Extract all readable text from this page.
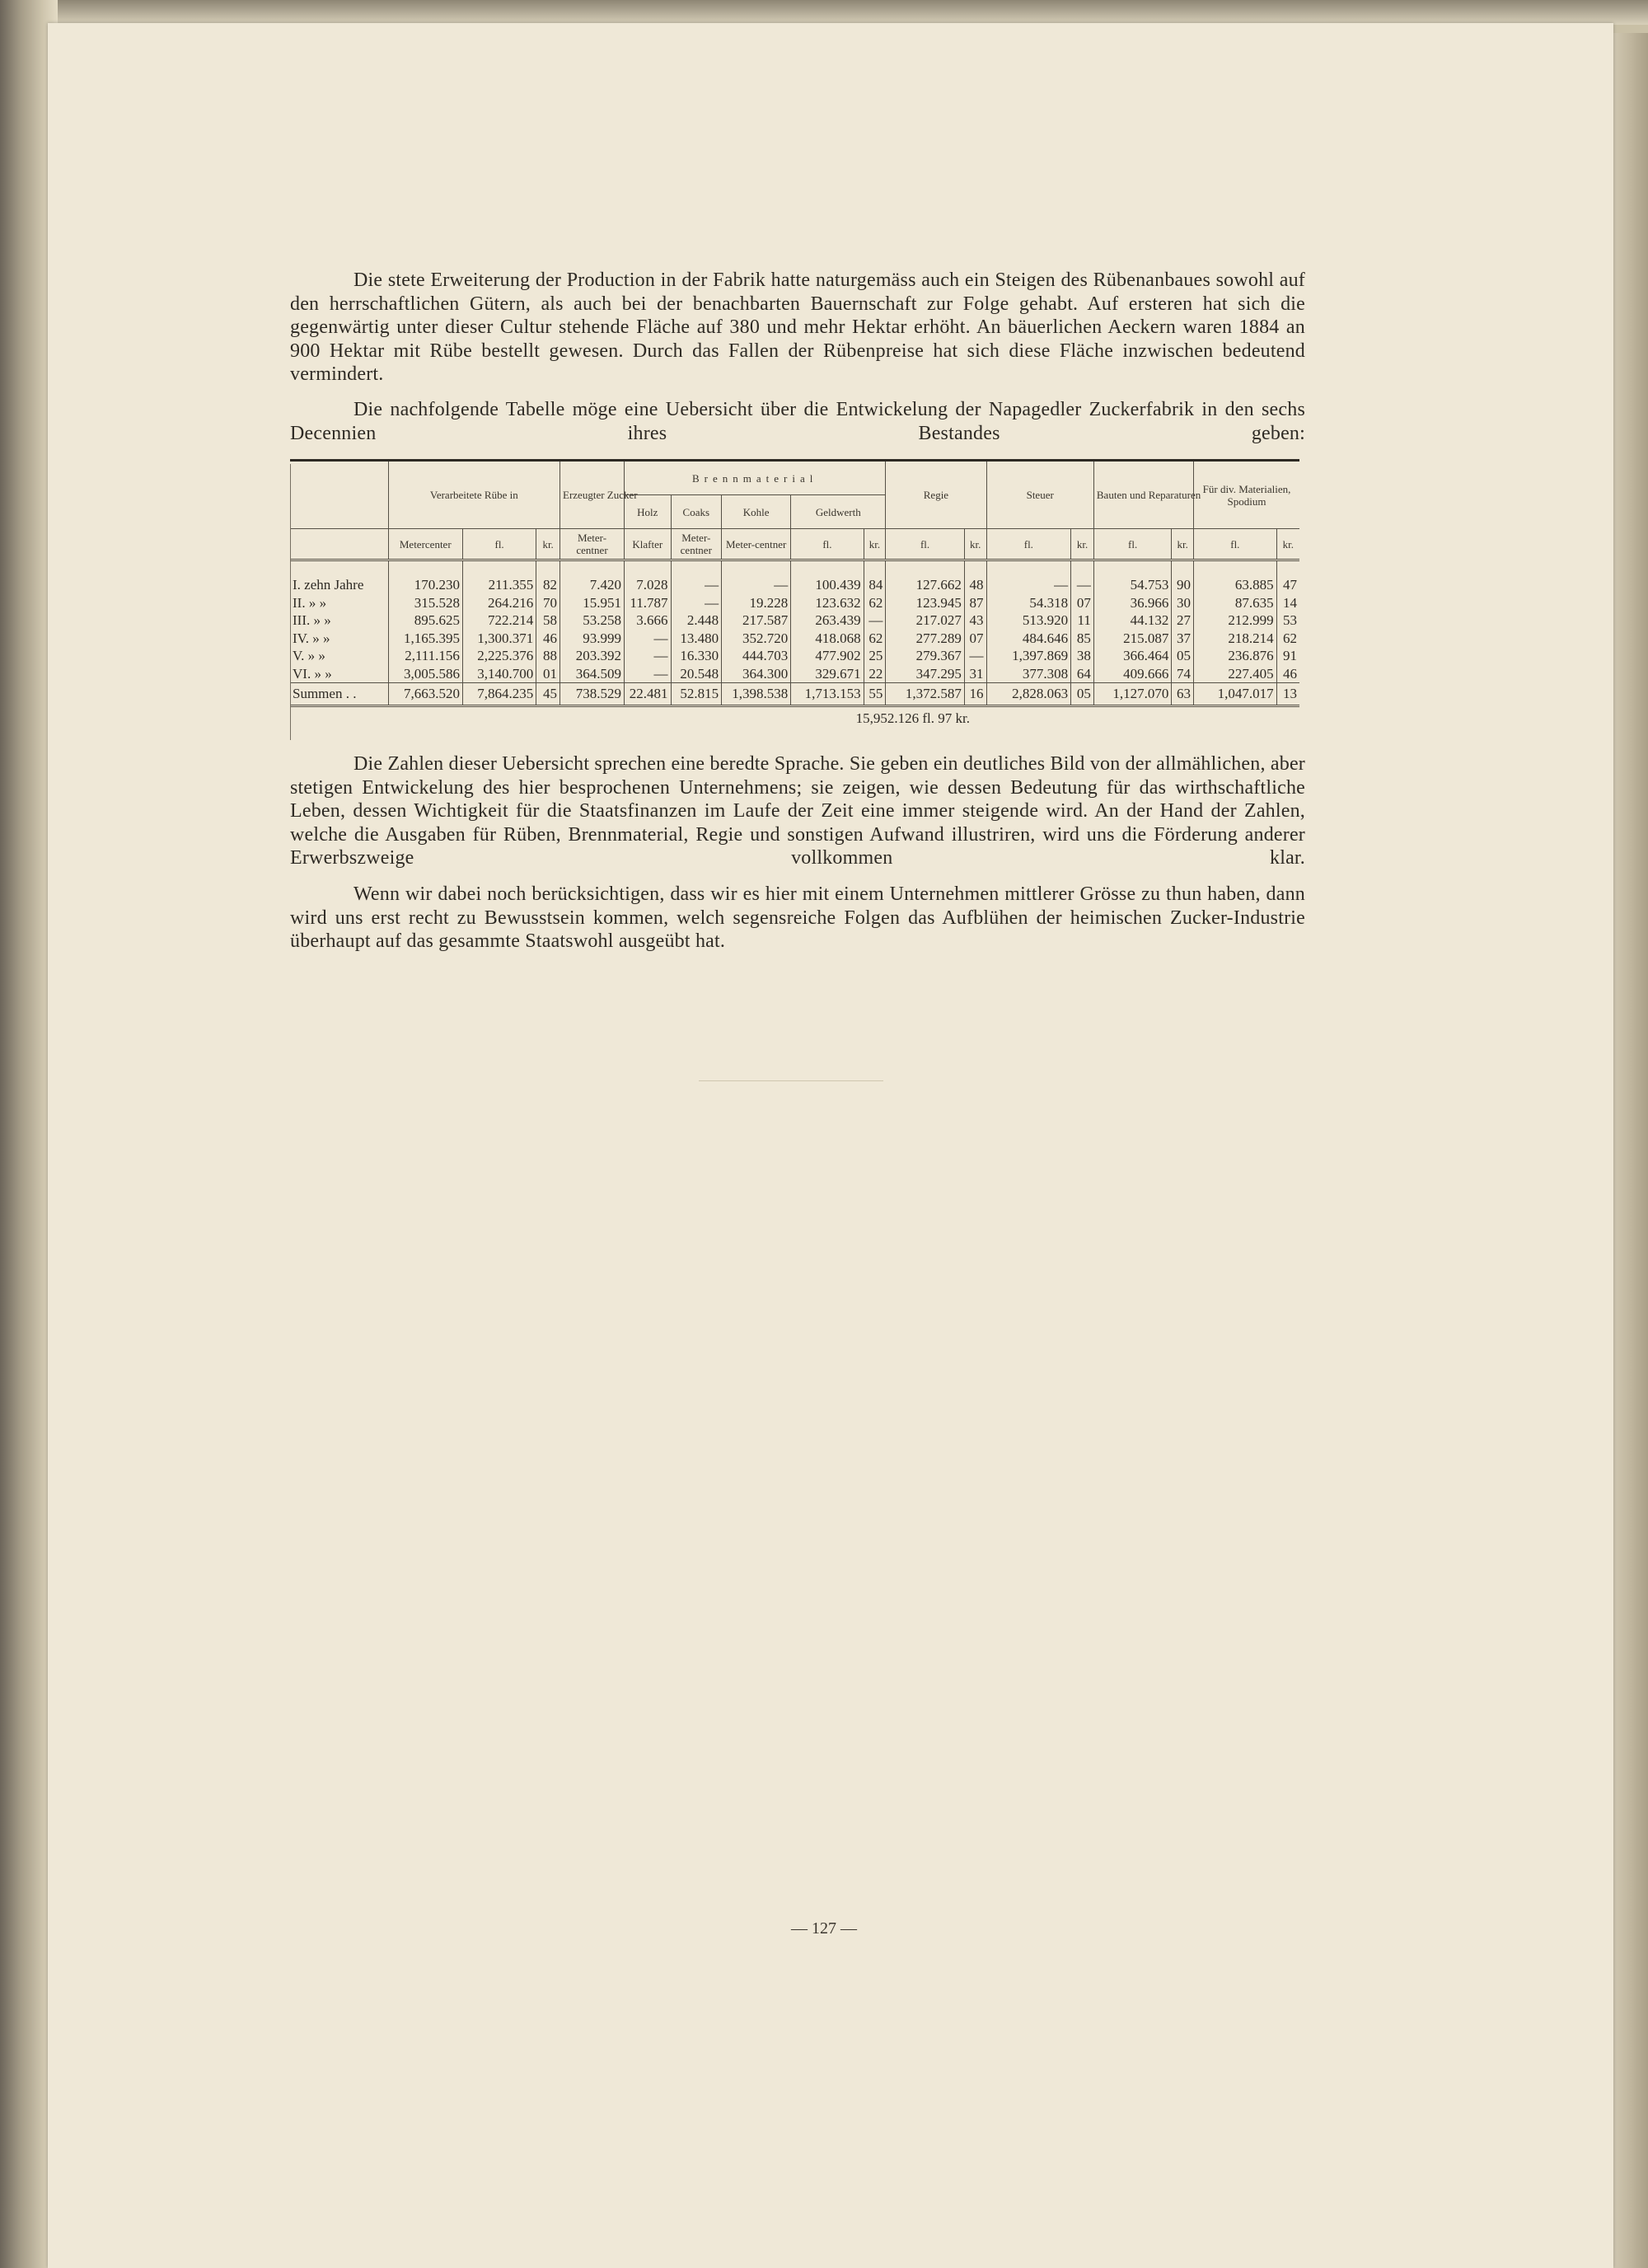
Die stete Erweiterung der Production in der Fabrik hatte naturgemäss auch ein Steigen des Rübenanbaues sowohl auf den herrschaftlichen Gütern, als auch bei der benachbarten Bauernschaft zur Folge gehabt. Auf ersteren hat sich die gegenwärtig unter dieser Cultur stehende Fläche auf 380 und mehr Hektar erhöht. An bäuerlichen Aeckern waren 1884 an 900 Hektar mit Rübe bestellt gewesen. Durch das Fallen der Rübenpreise hat sich diese Fläche inzwischen bedeutend vermindert.

Die nachfolgende Tabelle möge eine Uebersicht über die Entwickelung der Napagedler Zuckerfabrik in den sechs Decennien ihres Bestandes geben:

	Verarbeitete Rübe in			Erzeugter Zucker	Brennmaterial					Regie		Steuer		Bauten und Reparaturen		Für div. Materialien, Spodium	
					Holz	Coaks	Kohle	Geldwerth									
	Metercenter	fl.	kr.	Meter-centner	Klafter	Meter-centner	Meter-centner	fl.	kr.	fl.	kr.	fl.	kr.	fl.	kr.	fl.	kr.

I. zehn Jahre	170.230	211.355	82	7.420	7.028	—	—	100.439	84	127.662	48	—	—	54.753	90	63.885	47
II. » »	315.528	264.216	70	15.951	11.787	—	19.228	123.632	62	123.945	87	54.318	07	36.966	30	87.635	14
III. » »	895.625	722.214	58	53.258	3.666	2.448	217.587	263.439	—	217.027	43	513.920	11	44.132	27	212.999	53
IV. » »	1,165.395	1,300.371	46	93.999	—	13.480	352.720	418.068	62	277.289	07	484.646	85	215.087	37	218.214	62
V. » »	2,111.156	2,225.376	88	203.392	—	16.330	444.703	477.902	25	279.367	—	1,397.869	38	366.464	05	236.876	91
VI. » »	3,005.586	3,140.700	01	364.509	—	20.548	364.300	329.671	22	347.295	31	377.308	64	409.666	74	227.405	46
Summen . .	7,663.520	7,864.235	45	738.529	22.481	52.815	1,398.538	1,713.153	55	1,372.587	16	2,828.063	05	1,127.070	63	1,047.017	13
15,952.126 fl. 97 kr.

Die Zahlen dieser Uebersicht sprechen eine beredte Sprache. Sie geben ein deutliches Bild von der allmählichen, aber stetigen Entwickelung des hier besprochenen Unternehmens; sie zeigen, wie dessen Bedeutung für das wirthschaftliche Leben, dessen Wichtigkeit für die Staatsfinanzen im Laufe der Zeit eine immer steigende wird. An der Hand der Zahlen, welche die Ausgaben für Rüben, Brennmaterial, Regie und sonstigen Aufwand illustriren, wird uns die Förderung anderer Erwerbszweige vollkommen klar.

Wenn wir dabei noch berücksichtigen, dass wir es hier mit einem Unternehmen mittlerer Grösse zu thun haben, dann wird uns erst recht zu Bewusstsein kommen, welch segensreiche Folgen das Aufblühen der heimischen Zucker-Industrie überhaupt auf das gesammte Staatswohl ausgeübt hat.

— 127 —
